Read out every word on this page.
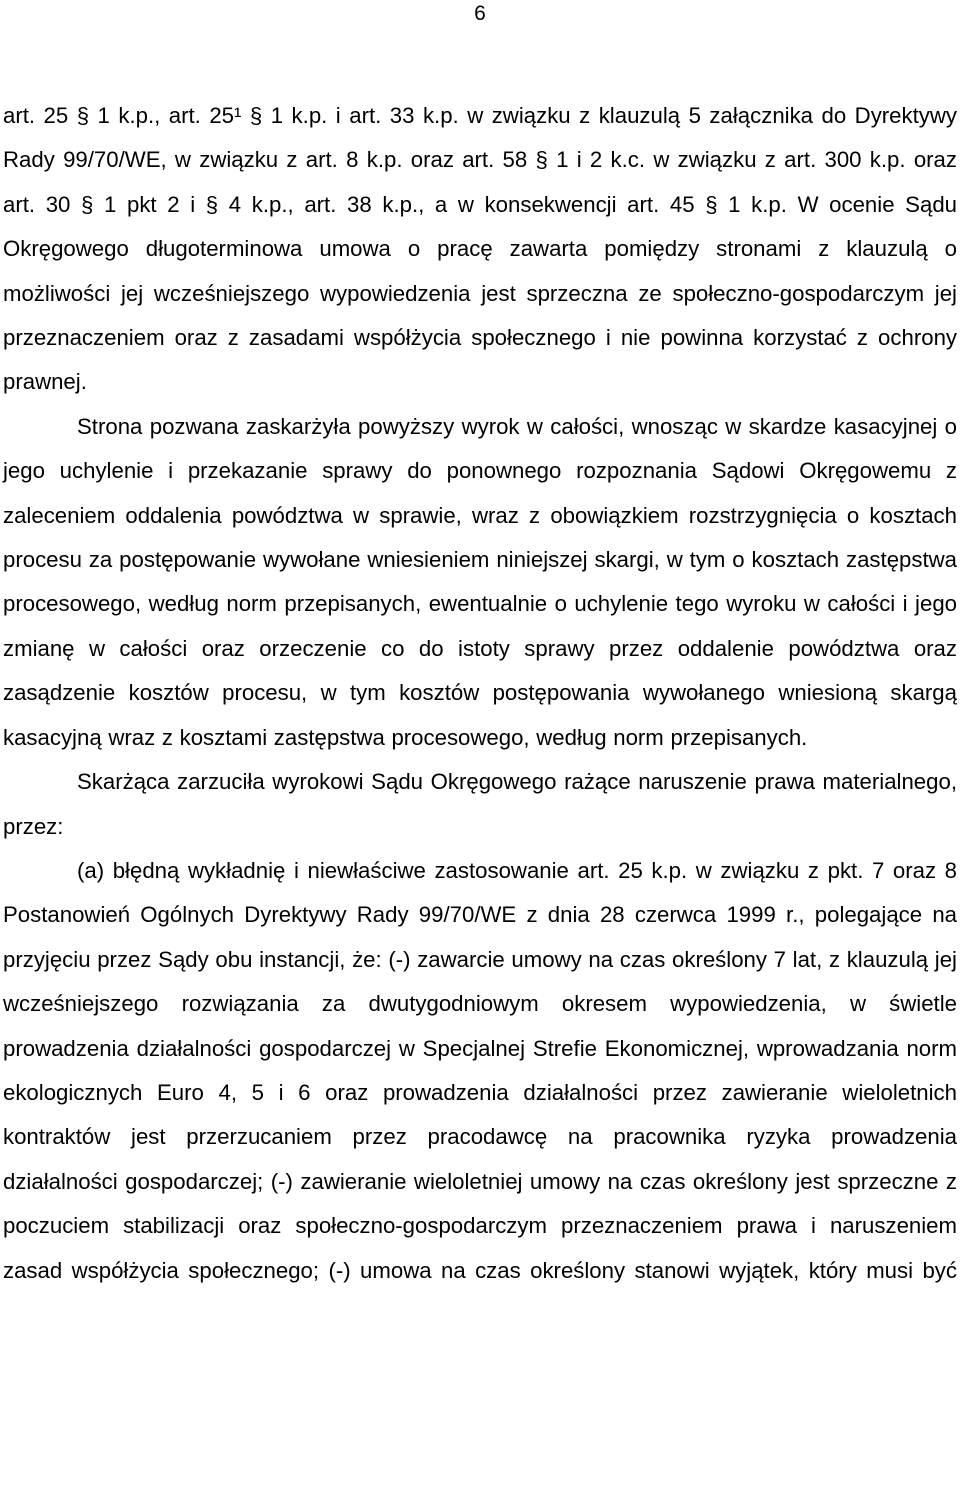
6

art. 25 § 1 k.p., art. 25¹ § 1 k.p. i art. 33 k.p. w związku z klauzulą 5 załącznika do Dyrektywy Rady 99/70/WE, w związku z art. 8 k.p. oraz art. 58 § 1 i 2 k.c. w związku z art. 300 k.p. oraz art. 30 § 1 pkt 2 i § 4 k.p., art. 38 k.p., a w konsekwencji art. 45 § 1 k.p. W ocenie Sądu Okręgowego długoterminowa umowa o pracę zawarta pomiędzy stronami z klauzulą o możliwości jej wcześniejszego wypowiedzenia jest sprzeczna ze społeczno-gospodarczym jej przeznaczeniem oraz z zasadami współżycia społecznego i nie powinna korzystać z ochrony prawnej.

Strona pozwana zaskarżyła powyższy wyrok w całości, wnosząc w skardze kasacyjnej o jego uchylenie i przekazanie sprawy do ponownego rozpoznania Sądowi Okręgowemu z zaleceniem oddalenia powództwa w sprawie, wraz z obowiązkiem rozstrzygnięcia o kosztach procesu za postępowanie wywołane wniesieniem niniejszej skargi, w tym o kosztach zastępstwa procesowego, według norm przepisanych, ewentualnie o uchylenie tego wyroku w całości i jego zmianę w całości oraz orzeczenie co do istoty sprawy przez oddalenie powództwa oraz zasądzenie kosztów procesu, w tym kosztów postępowania wywołanego wniesioną skargą kasacyjną wraz z kosztami zastępstwa procesowego, według norm przepisanych.

Skarżąca zarzuciła wyrokowi Sądu Okręgowego rażące naruszenie prawa materialnego, przez:

(a) błędną wykładnię i niewłaściwe zastosowanie art. 25 k.p. w związku z pkt. 7 oraz 8 Postanowień Ogólnych Dyrektywy Rady 99/70/WE z dnia 28 czerwca 1999 r., polegające na przyjęciu przez Sądy obu instancji, że: (-) zawarcie umowy na czas określony 7 lat, z klauzulą jej wcześniejszego rozwiązania za dwutygodniowym okresem wypowiedzenia, w świetle prowadzenia działalności gospodarczej w Specjalnej Strefie Ekonomicznej, wprowadzania norm ekologicznych Euro 4, 5 i 6 oraz prowadzenia działalności przez zawieranie wieloletnich kontraktów jest przerzucaniem przez pracodawcę na pracownika ryzyka prowadzenia działalności gospodarczej; (-) zawieranie wieloletniej umowy na czas określony jest sprzeczne z poczuciem stabilizacji oraz społeczno-gospodarczym przeznaczeniem prawa i naruszeniem zasad współżycia społecznego; (-) umowa na czas określony stanowi wyjątek, który musi być
